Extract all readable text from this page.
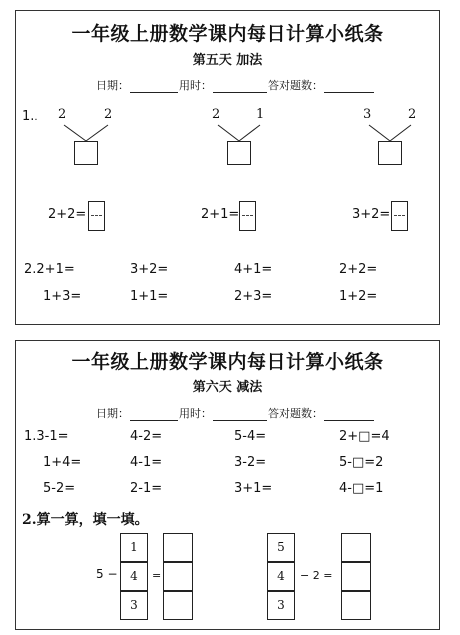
一年级上册数学课内每日计算小纸条
第五天 加法
日期：	用时：	答对题数：
1.. 2	2	2	1	3	2
2+2=	2+1=	3+2=
2.2+1=	3+2=	4+1=	2+2=
1+3=	1+1=	2+3=	1+2=
一年级上册数学课内每日计算小纸条
第六天 减法
日期：	用时：	答对题数：
1.3-1=	4-2=	5-4=	2+□=4
1+4=	4-1=	3-2=	5-□=2
5-2=	2-1=	3+1=	4-□=1
2.算一算，填一填。
5 −
1
4
3
=
5
4
3
− 2 =
